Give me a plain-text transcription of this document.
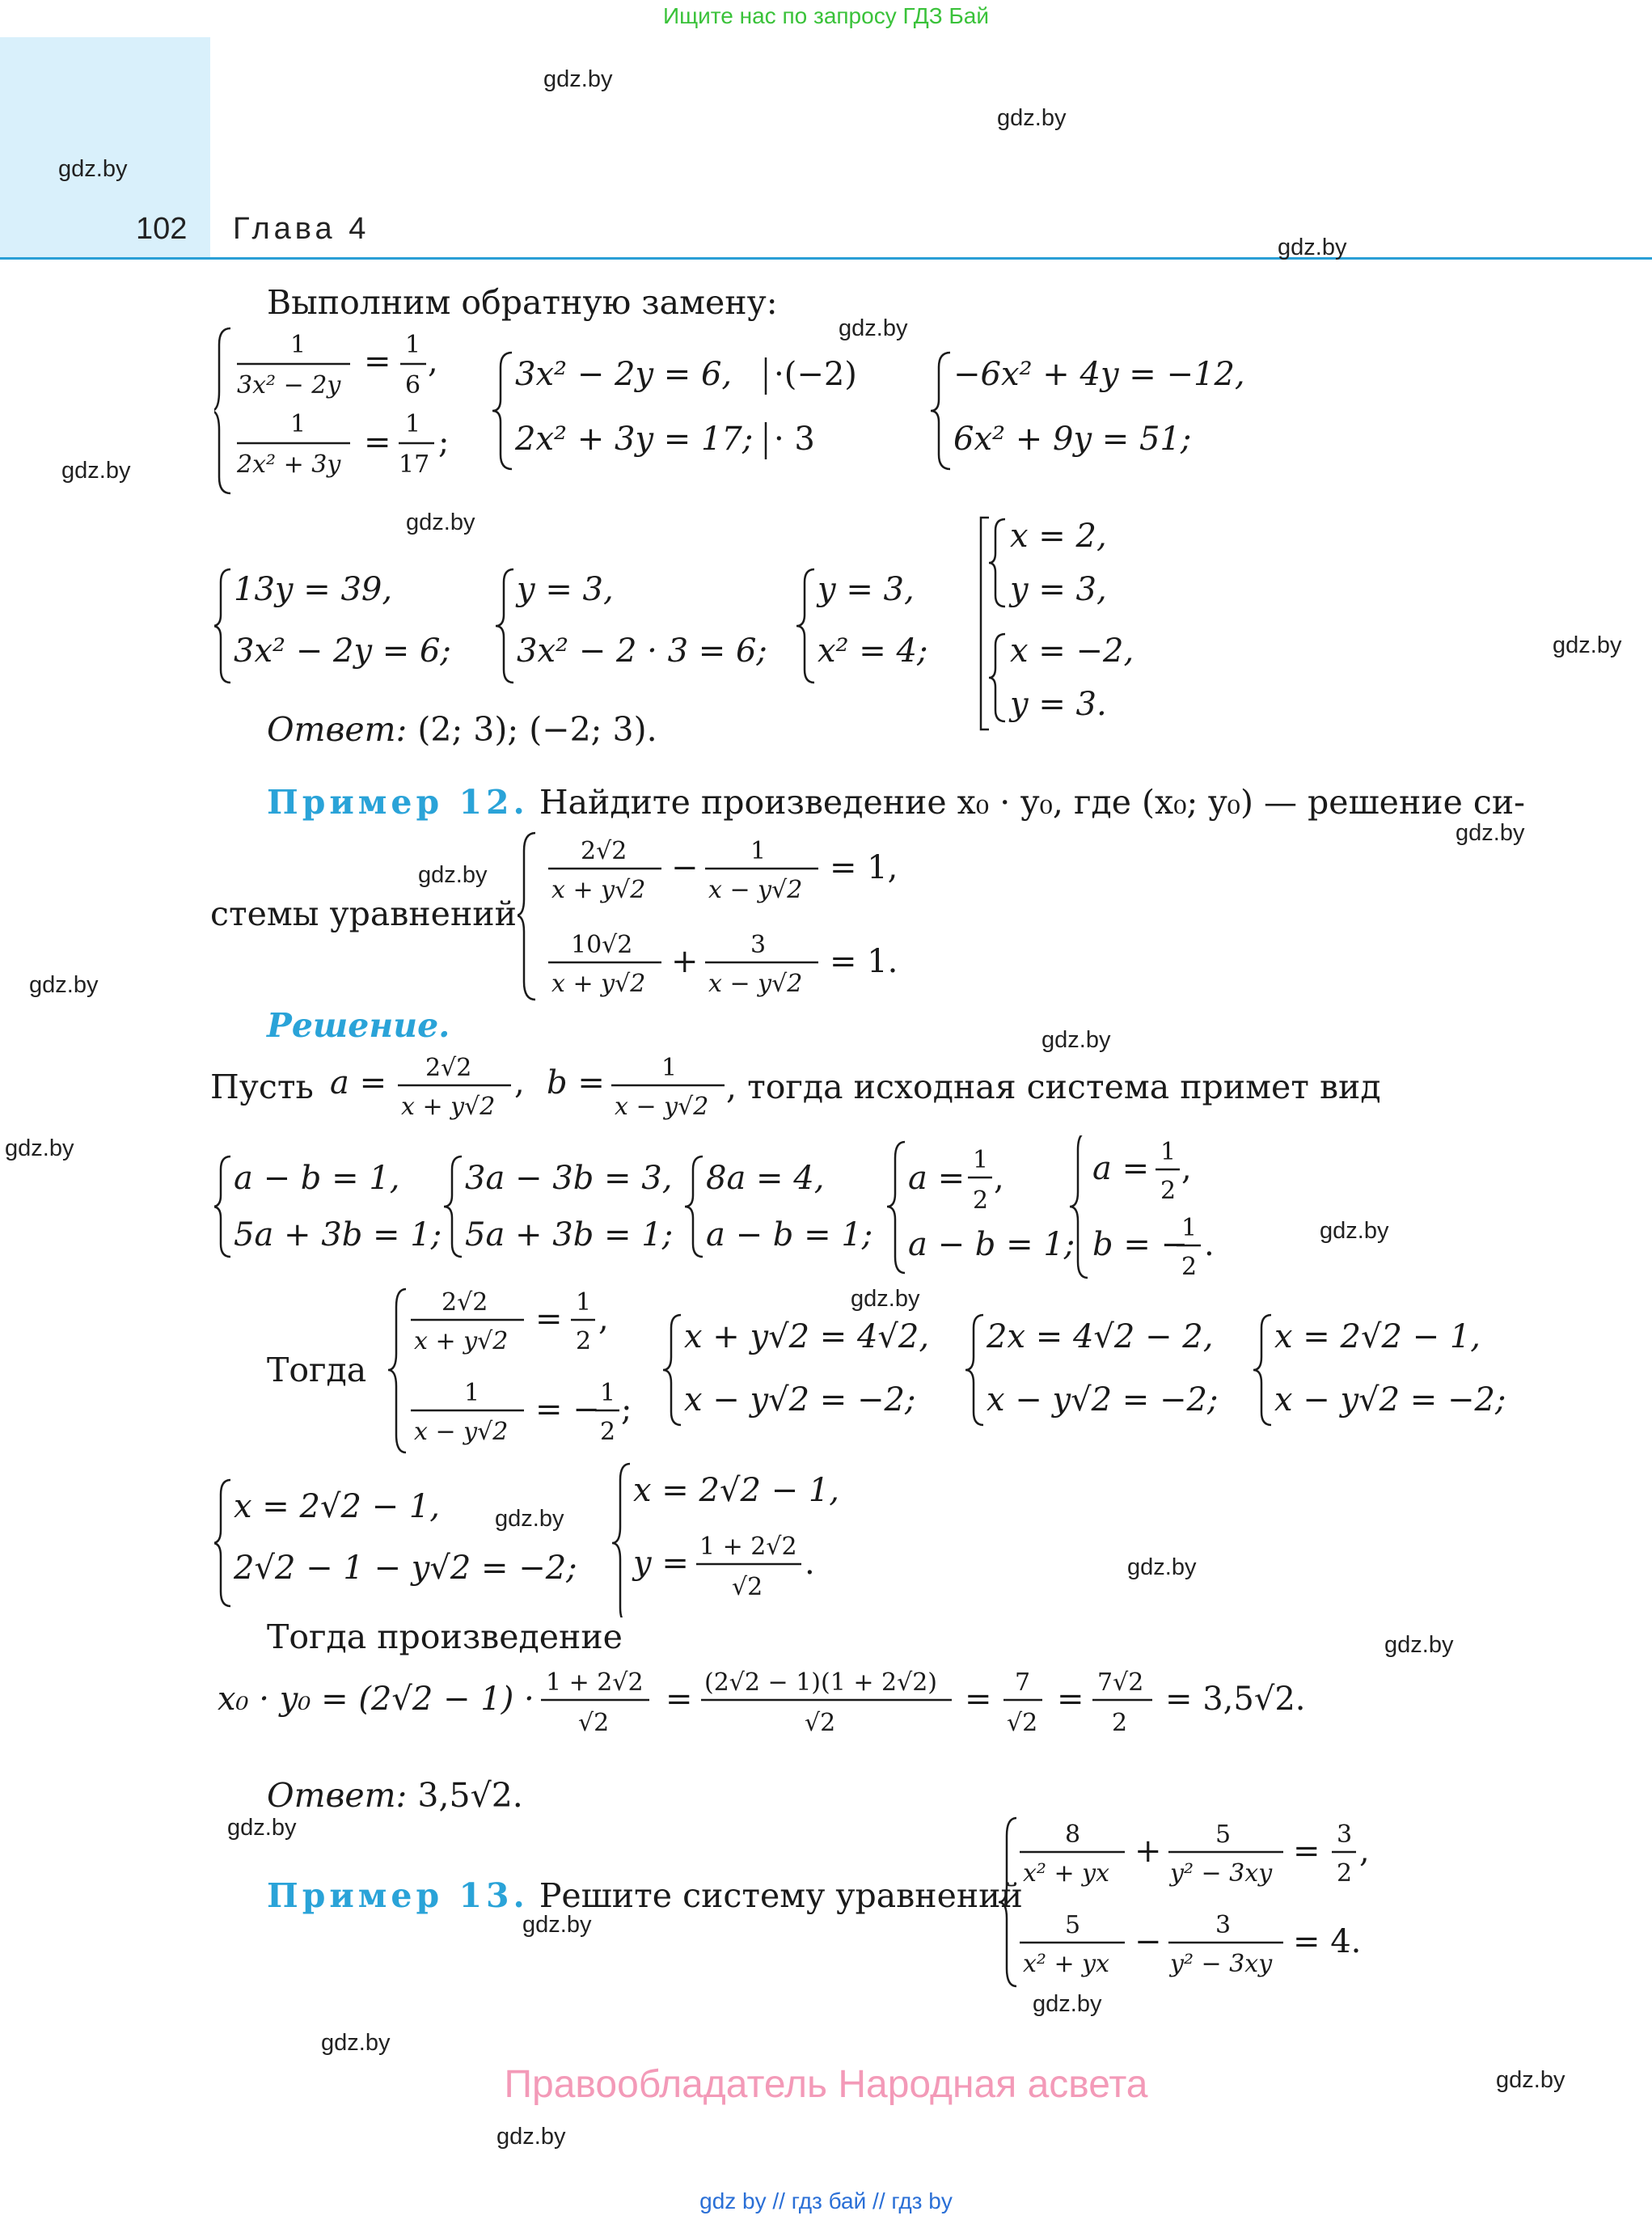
Ищите нас по запросу ГДЗ Бай
102 Глава 4
gdz.by
gdz.by
gdz.by
gdz.by
gdz.by
gdz.by
gdz.by
gdz.by
gdz.by
gdz.by
gdz.by
gdz.by
gdz.by
gdz.by
gdz.by
gdz.by
gdz.by
gdz.by
gdz.by
gdz.by
gdz.by
gdz.by
gdz.by
gdz.by
Выполним обратную замену:
1
3x² − 2y
= 1
6
,
1
2x² + 3y
= 1
17
;
3x² − 2y = 6, ·(−2)
2x² + 3y = 17; · 3
−6x² + 4y = −12,
6x² + 9y = 51;
13y = 39,
3x² − 2y = 6;
y = 3,
3x² − 2 · 3 = 6;
y = 3,
x² = 4;
x = 2,
y = 3,
x = −2,
y = 3.
Ответ: (2; 3); (−2; 3).
Пример 12. Найдите произведение x₀ · y₀, где (x₀; y₀) — решение си-
стемы уравнений
2√2
x + y√2
− 1
x − y√2
= 1,
10√2
x + y√2
+ 3
x − y√2
= 1.
Решение.
Пусть a = 2√2
x + y√2
, b = 1
x − y√2
, тогда исходная система примет вид
a − b = 1,
5a + 3b = 1;
3a − 3b = 3,
5a + 3b = 1;
8a = 4,
a − b = 1;
a = 1
2
,
a − b = 1;
a = 1
2
,
b = −
1
2
.
Тогда
2√2
x + y√2
= 1
2
,
1
x − y√2
= − 1
2
;
x + y√2 = 4√2,
x − y√2 = −2;
2x = 4√2 − 2,
x − y√2 = −2;
x = 2√2 − 1,
x − y√2 = −2;
x = 2√2 − 1,
2√2 − 1 − y√2 = −2;
x = 2√2 − 1,
y = 1 + 2√2
√2
.
Тогда произведение
x₀ · y₀ = (2√2 − 1) · 1 + 2√2
√2
= (2√2 − 1)(1 + 2√2)
√2
= 7
√2
= 7√2
2
= 3,5√2.
Ответ: 3,5√2.
Пример 13. Решите систему уравнений
8
x² + yx
+ 5
y² − 3xy
= 3
2
,
5
x² + yx
− 3
y² − 3xy
= 4.
Правообладатель Народная асвета
gdz by // гдз бай // гдз by
